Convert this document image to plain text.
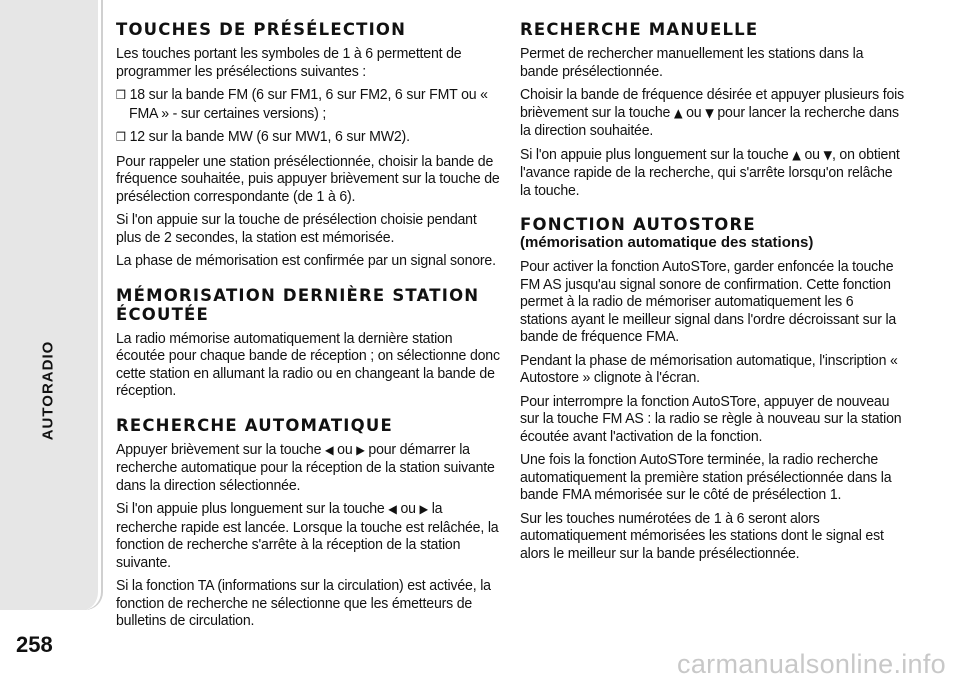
AUTORADIO
258
TOUCHES DE PRÉSÉLECTION

Les touches portant les symboles de 1 à 6 permettent de programmer les présélections suivantes :

❒ 18 sur la bande FM (6 sur FM1, 6 sur FM2, 6 sur FMT ou « FMA » - sur certaines versions) ;

❒ 12 sur la bande MW (6 sur MW1, 6 sur MW2).

Pour rappeler une station présélectionnée, choisir la bande de fréquence souhaitée, puis appuyer brièvement sur la touche de présélection correspondante (de 1 à 6).

Si l'on appuie sur la touche de présélection choisie pendant plus de 2 secondes, la station est mémorisée.

La phase de mémorisation est confirmée par un signal sonore.

MÉMORISATION DERNIÈRE STATION
ÉCOUTÉE

La radio mémorise automatiquement la dernière station écoutée pour chaque bande de réception ; on sélectionne donc cette station en allumant la radio ou en changeant la bande de réception.

RECHERCHE AUTOMATIQUE

Appuyer brièvement sur la touche ◀ ou ▶ pour démarrer la recherche automatique pour la réception de la station suivante dans la direction sélectionnée.

Si l'on appuie plus longuement sur la touche ◀ ou ▶ la recherche rapide est lancée. Lorsque la touche est relâchée, la fonction de recherche s'arrête à la réception de la station suivante.

Si la fonction TA (informations sur la circulation) est activée, la fonction de recherche ne sélectionne que les émetteurs de bulletins de circulation.

RECHERCHE MANUELLE

Permet de rechercher manuellement les stations dans la bande présélectionnée.

Choisir la bande de fréquence désirée et appuyer plusieurs fois brièvement sur la touche ▲ ou ▼ pour lancer la recherche dans la direction souhaitée.

Si l'on appuie plus longuement sur la touche ▲ ou ▼, on obtient l'avance rapide de la recherche, qui s'arrête lorsqu'on relâche la touche.

FONCTION AUTOSTORE
(mémorisation automatique des stations)

Pour activer la fonction AutoSTore, garder enfoncée la touche FM AS jusqu'au signal sonore de confirmation. Cette fonction permet à la radio de mémoriser automatiquement les 6 stations ayant le meilleur signal dans l'ordre décroissant sur la bande de fréquence FMA.

Pendant la phase de mémorisation automatique, l'inscription « Autostore » clignote à l'écran.

Pour interrompre la fonction AutoSTore, appuyer de nouveau sur la touche FM AS : la radio se règle à nouveau sur la station écoutée avant l'activation de la fonction.

Une fois la fonction AutoSTore terminée, la radio recherche automatiquement la première station présélectionnée dans la bande FMA mémorisée sur le côté de présélection 1.

Sur les touches numérotées de 1 à 6 seront alors automatiquement mémorisées les stations dont le signal est alors le meilleur sur la bande présélectionnée.

carmanualsonline.info
